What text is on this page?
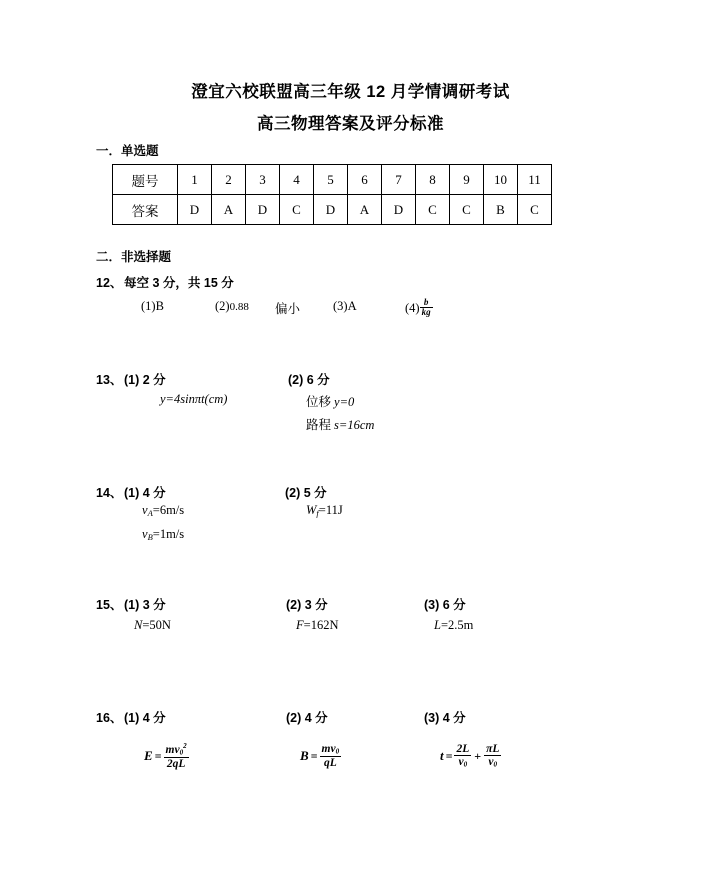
澄宜六校联盟高三年级 12 月学情调研考试
高三物理答案及评分标准
一．单选题
题号	1	2	3	4	5	6	7	8	9	10	11
答案	D	A	D	C	D	A	D	C	C	B	C
二．非选择题
12、 每空 3 分，共 15 分
(1)B	(2)0.88 偏小	(3)A	$(4) \frac{b}{kg}$
13、 (1) 2 分
y=4sinπt(cm)
(2) 6 分
位移 y=0
路程 s=16cm
14、 (1) 4 分
$v_A=6m/s$
$v_B=1m/s$
(2) 5 分
$W_f=11J$
15、 (1) 3 分
N=50N
(2) 3 分
F=162N
(3) 6 分
L=2.5m
16、 (1) 4 分	(2) 4 分	(3) 4 分
$E = \frac{mv_0^2}{2qL}$	$B = \frac{mv_0}{qL}$	$t = \frac{2L}{v_0} + \frac{\pi L}{v_0}$
